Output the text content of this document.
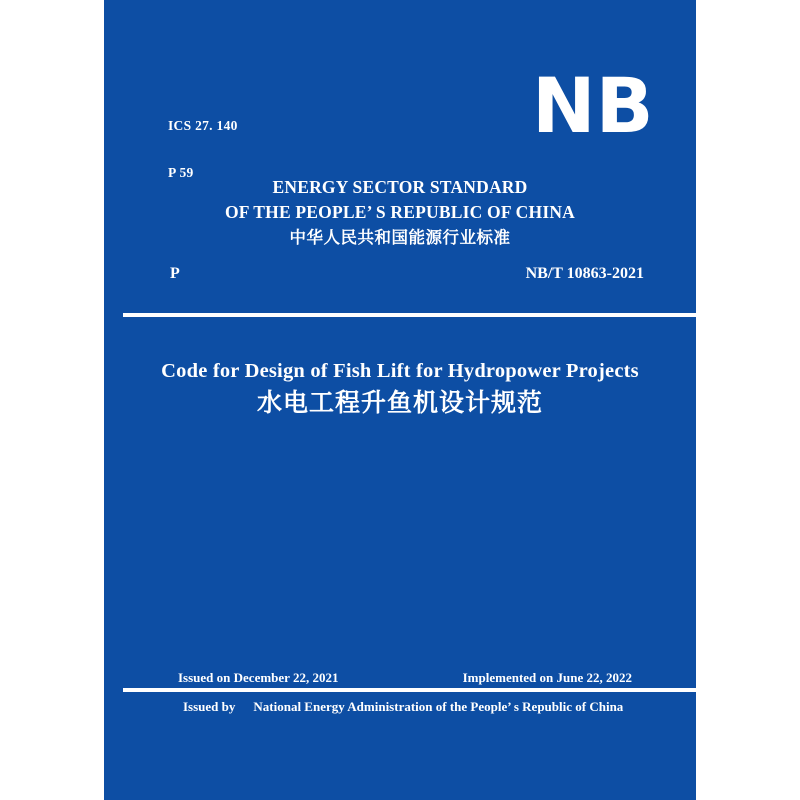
ICS 27. 140

P 59

NB
ENERGY SECTOR STANDARD
OF THE PEOPLE’ S REPUBLIC OF CHINA
中华人民共和国能源行业标准
P	NB/T 10863-2021
Code for Design of Fish Lift for Hydropower Projects
水电工程升鱼机设计规范
Issued on December 22, 2021	Implemented on June 22, 2022
Issued by National Energy Administration of the People’ s Republic of China
